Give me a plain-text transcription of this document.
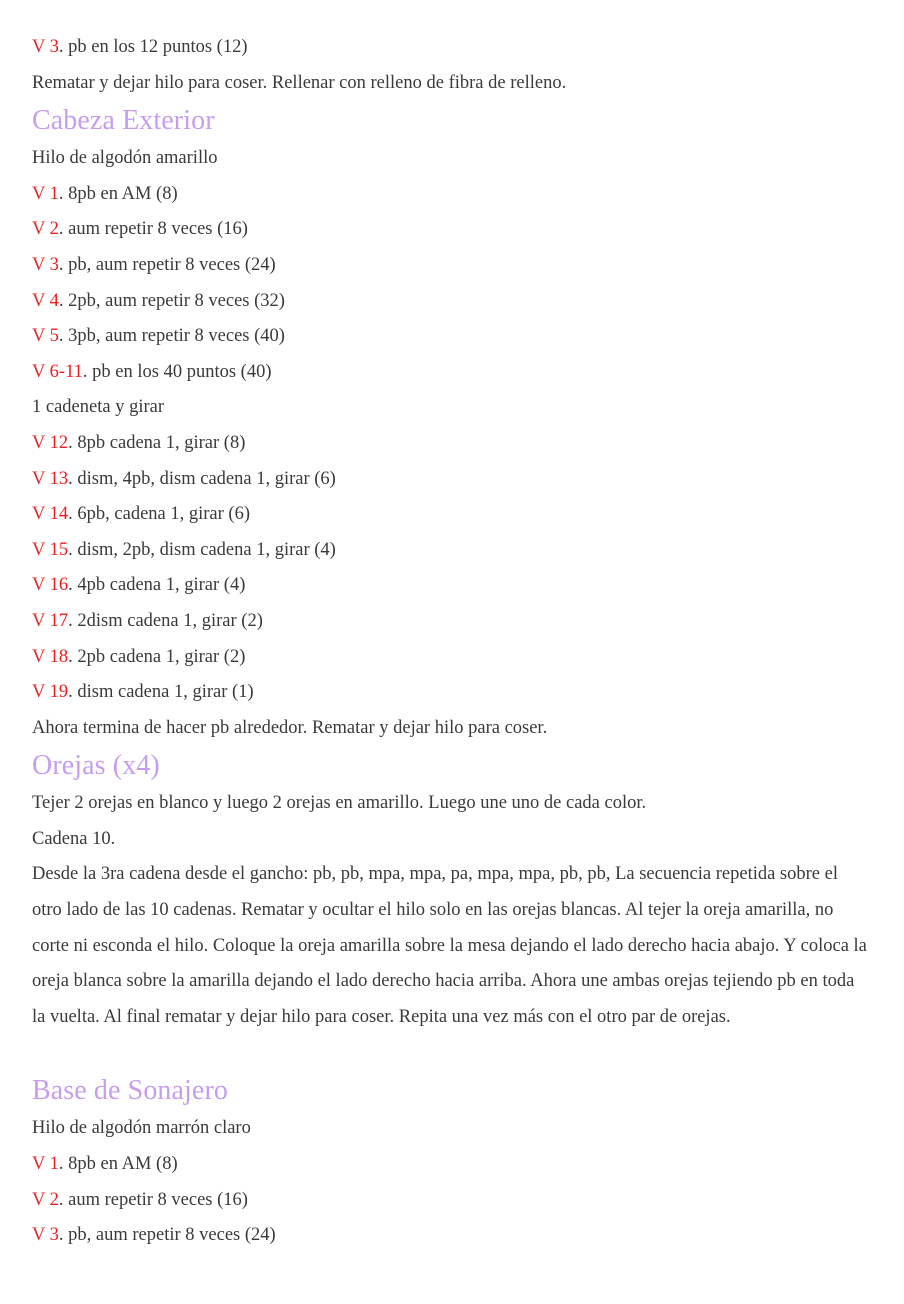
V 3. pb en los 12 puntos (12)
Rematar y dejar hilo para coser. Rellenar con relleno de fibra de relleno.
Cabeza Exterior
Hilo de algodón amarillo
V 1. 8pb en AM (8)
V 2. aum repetir 8 veces (16)
V 3. pb, aum repetir 8 veces (24)
V 4. 2pb, aum repetir 8 veces (32)
V 5. 3pb, aum repetir 8 veces (40)
V 6-11. pb en los 40 puntos (40)
1 cadeneta y girar
V 12. 8pb cadena 1, girar (8)
V 13. dism, 4pb, dism cadena 1, girar (6)
V 14. 6pb, cadena 1, girar (6)
V 15. dism, 2pb, dism cadena 1, girar (4)
V 16. 4pb cadena 1, girar (4)
V 17. 2dism cadena 1, girar (2)
V 18. 2pb cadena 1, girar (2)
V 19. dism cadena 1, girar (1)
Ahora termina de hacer pb alrededor. Rematar y dejar hilo para coser.
Orejas (x4)
Tejer 2 orejas en blanco y luego 2 orejas en amarillo. Luego une uno de cada color.
Cadena 10.

Desde la 3ra cadena desde el gancho: pb, pb, mpa, mpa, pa, mpa, mpa, pb, pb, La secuencia repetida sobre el otro lado de las 10 cadenas. Rematar y ocultar el hilo solo en las orejas blancas. Al tejer la oreja amarilla, no corte ni esconda el hilo. Coloque la oreja amarilla sobre la mesa dejando el lado derecho hacia abajo. Y coloca la oreja blanca sobre la amarilla dejando el lado derecho hacia arriba. Ahora une ambas orejas tejiendo pb en toda la vuelta. Al final rematar y dejar hilo para coser. Repita una vez más con el otro par de orejas.

Base de Sonajero
Hilo de algodón marrón claro
V 1. 8pb en AM (8)
V 2. aum repetir 8 veces (16)
V 3. pb, aum repetir 8 veces (24)
